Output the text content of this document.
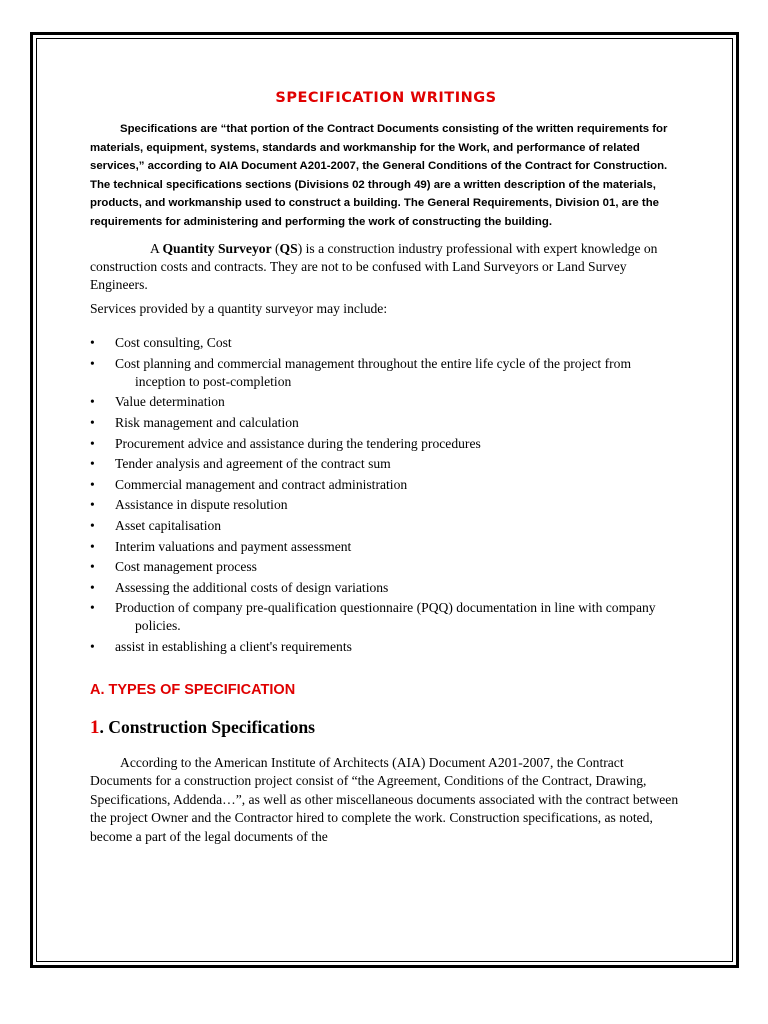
SPECIFICATION WRITINGS

Specifications are “that portion of the Contract Documents consisting of the written requirements for materials, equipment, systems, standards and workmanship for the Work, and performance of related services,” according to AIA Document A201-2007, the General Conditions of the Contract for Construction. The technical specifications sections (Divisions 02 through 49) are a written description of the materials, products, and workmanship used to construct a building. The General Requirements, Division 01, are the requirements for administering and performing the work of constructing the building.

A Quantity Surveyor (QS) is a construction industry professional with expert knowledge on construction costs and contracts. They are not to be confused with Land Surveyors or Land Survey Engineers.

Services provided by a quantity surveyor may include:

•	Cost consulting, Cost
•	Cost planning and commercial management throughout the entire life cycle of the project from inception to post-completion
•	Value determination
•	Risk management and calculation
•	Procurement advice and assistance during the tendering procedures
•	Tender analysis and agreement of the contract sum
•	Commercial management and contract administration
•	Assistance in dispute resolution
•	Asset capitalisation
•	Interim valuations and payment assessment
•	Cost management process
•	Assessing the additional costs of design variations
•	Production of company pre-qualification questionnaire (PQQ) documentation in line with company policies.
•	assist in establishing a client's requirements
A. TYPES OF SPECIFICATION
1. Construction Specifications

According to the American Institute of Architects (AIA) Document A201-2007, the Contract Documents for a construction project consist of “the Agreement, Conditions of the Contract, Drawing, Specifications, Addenda…”, as well as other miscellaneous documents associated with the contract between the project Owner and the Contractor hired to complete the work. Construction specifications, as noted, become a part of the legal documents of the
